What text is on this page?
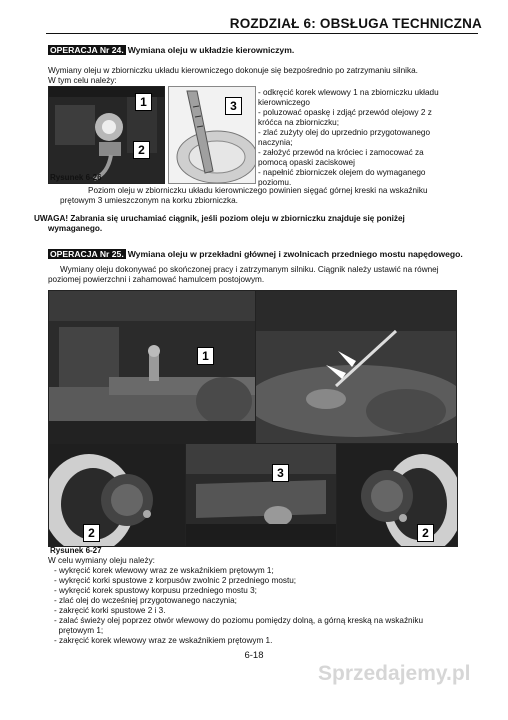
ROZDZIAŁ 6: OBSŁUGA TECHNICZNA
OPERACJA Nr 24. Wymiana oleju w układzie kierowniczym.
Wymiany oleju w zbiorniczku układu kierowniczego dokonuje się bezpośrednio po zatrzymaniu silnika.
W tym celu należy:
1
2
Rysunek 6-26
3
- odkręcić korek wlewowy 1 na zbiorniczku układu
kierowniczego
- poluzować opaskę i zdjąć przewód olejowy 2 z
króćca na zbiorniczku;
- zlać zużyty olej do uprzednio przygotowanego
naczynia;
- założyć przewód na króciec i zamocować za
pomocą opaski zaciskowej
- napełnić zbiorniczek olejem do wymaganego
poziomu.
Poziom oleju w zbiorniczku układu kierowniczego powinien sięgać górnej kreski na wskaźniku
prętowym 3 umieszczonym na korku zbiorniczka.
UWAGA! Zabrania się uruchamiać ciągnik, jeśli poziom oleju w zbiorniczku znajduje się poniżej
wymaganego.
OPERACJA Nr 25. Wymiana oleju w przekładni głównej i zwolnicach przedniego mostu napędowego.
Wymiany oleju dokonywać po skończonej pracy i zatrzymanym silniku. Ciągnik należy ustawić na równej
poziomej powierzchni i zahamować hamulcem postojowym.
1
2
3
2
Rysunek 6-27
W celu wymiany oleju należy:
- wykręcić korek wlewowy wraz ze wskaźnikiem prętowym 1;
- wykręcić korki spustowe z korpusów zwolnic 2 przedniego mostu;
- wykręcić korek spustowy korpusu przedniego mostu 3;
- zlać olej do wcześniej przygotowanego naczynia;
- zakręcić korki spustowe 2 i 3.
- zalać świeży olej poprzez otwór wlewowy do poziomu pomiędzy dolną, a górną kreską na wskaźniku
prętowym 1;
- zakręcić korek wlewowy wraz ze wskaźnikiem prętowym 1.
6-18
Sprzedajemy.pl
